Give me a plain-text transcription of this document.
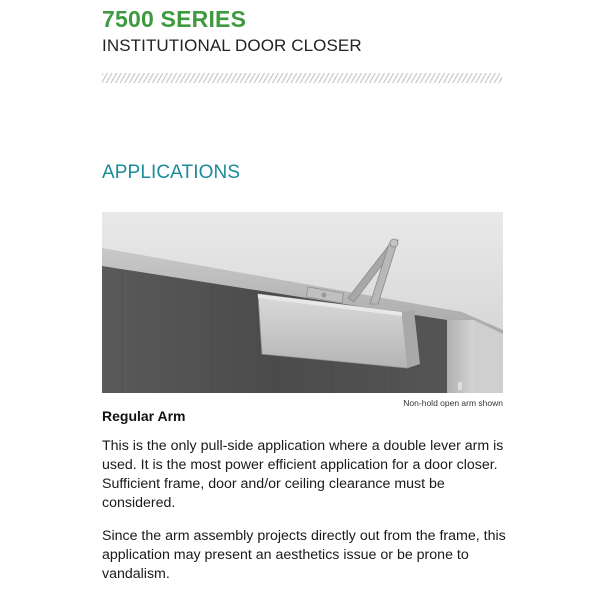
7500 SERIES
INSTITUTIONAL DOOR CLOSER
APPLICATIONS
Non-hold open arm shown
Regular Arm

This is the only pull-side application where a double lever arm is used. It is the most power efficient application for a door closer. Sufficient frame, door and/or ceiling clearance must be considered.

Since the arm assembly projects directly out from the frame, this application may present an aesthetics issue or be prone to vandalism.
